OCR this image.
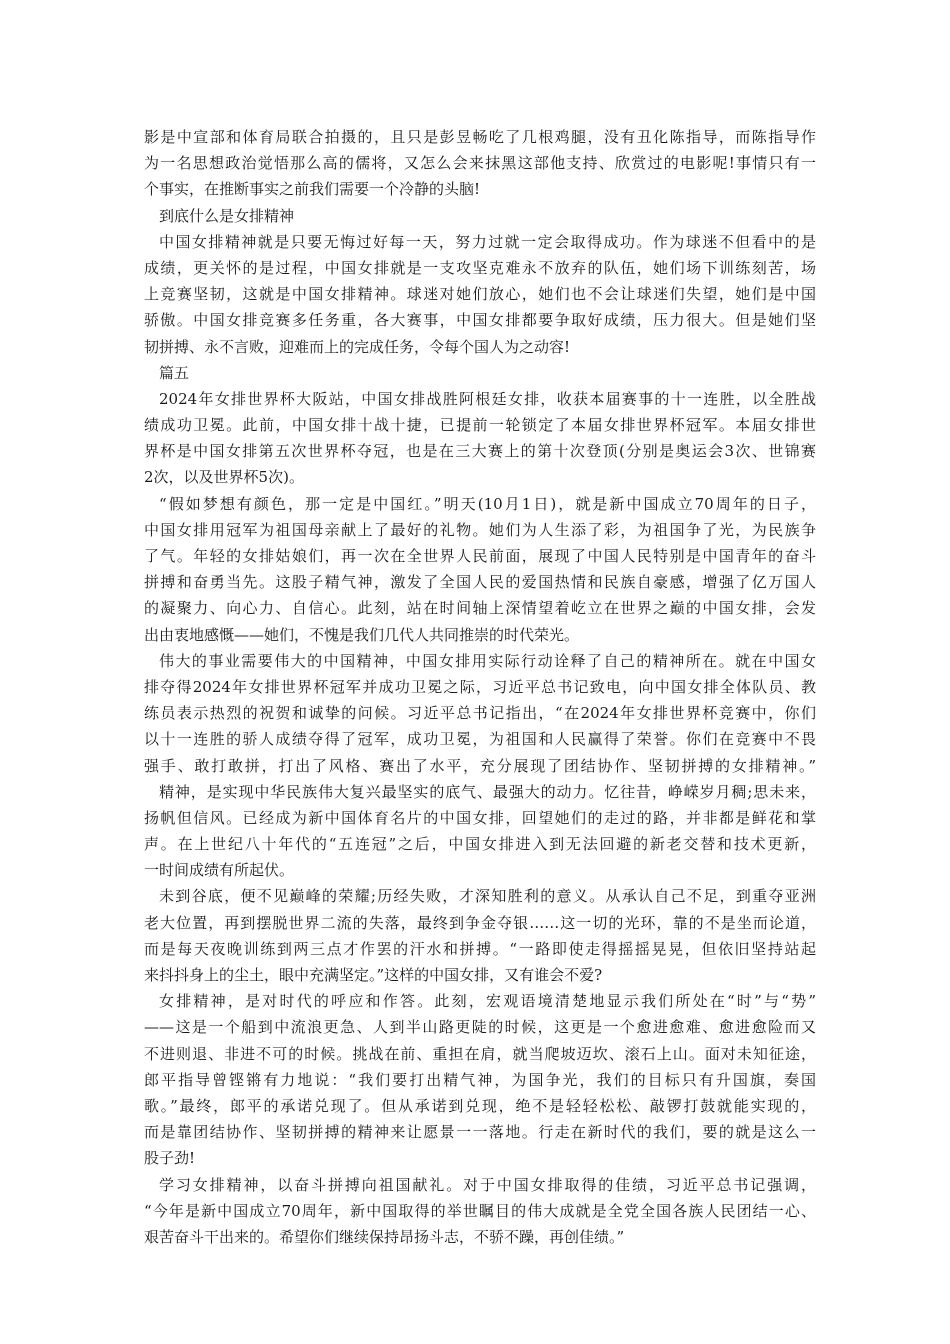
影是中宣部和体育局联合拍摄的，且只是彭昱畅吃了几根鸡腿，没有丑化陈指导，而陈指导作
为一名思想政治觉悟那么高的儒将，又怎么会来抹黑这部他支持、欣赏过的电影呢!事情只有一
个事实，在推断事实之前我们需要一个冷静的头脑!
到底什么是女排精神
中国女排精神就是只要无悔过好每一天，努力过就一定会取得成功。作为球迷不但看中的是
成绩，更关怀的是过程，中国女排就是一支攻坚克难永不放弃的队伍，她们场下训练刻苦，场
上竞赛坚韧，这就是中国女排精神。球迷对她们放心，她们也不会让球迷们失望，她们是中国
骄傲。中国女排竞赛多任务重，各大赛事，中国女排都要争取好成绩，压力很大。但是她们坚
韧拼搏、永不言败，迎难而上的完成任务，令每个国人为之动容!
篇五
2024年女排世界杯大阪站，中国女排战胜阿根廷女排，收获本届赛事的十一连胜，以全胜战
绩成功卫冕。此前，中国女排十战十捷，已提前一轮锁定了本届女排世界杯冠军。本届女排世
界杯是中国女排第五次世界杯夺冠，也是在三大赛上的第十次登顶(分别是奥运会3次、世锦赛
2次，以及世界杯5次)。
“假如梦想有颜色，那一定是中国红。”明天(10月1日)，就是新中国成立70周年的日子，
中国女排用冠军为祖国母亲献上了最好的礼物。她们为人生添了彩，为祖国争了光，为民族争
了气。年轻的女排姑娘们，再一次在全世界人民前面，展现了中国人民特别是中国青年的奋斗
拼搏和奋勇当先。这股子精气神，激发了全国人民的爱国热情和民族自豪感，增强了亿万国人
的凝聚力、向心力、自信心。此刻，站在时间轴上深情望着屹立在世界之巅的中国女排，会发
出由衷地感慨——她们，不愧是我们几代人共同推崇的时代荣光。
伟大的事业需要伟大的中国精神，中国女排用实际行动诠释了自己的精神所在。就在中国女
排夺得2024年女排世界杯冠军并成功卫冕之际，习近平总书记致电，向中国女排全体队员、教
练员表示热烈的祝贺和诚挚的问候。习近平总书记指出，“在2024年女排世界杯竞赛中，你们
以十一连胜的骄人成绩夺得了冠军，成功卫冕，为祖国和人民赢得了荣誉。你们在竞赛中不畏
强手、敢打敢拼，打出了风格、赛出了水平，充分展现了团结协作、坚韧拼搏的女排精神。”
精神，是实现中华民族伟大复兴最坚实的底气、最强大的动力。忆往昔，峥嵘岁月稠;思未来，
扬帆但信风。已经成为新中国体育名片的中国女排，回望她们的走过的路，并非都是鲜花和掌
声。在上世纪八十年代的“五连冠”之后，中国女排进入到无法回避的新老交替和技术更新，
一时间成绩有所起伏。
未到谷底，便不见巅峰的荣耀;历经失败，才深知胜利的意义。从承认自己不足，到重夺亚洲
老大位置，再到摆脱世界二流的失落，最终到争金夺银……这一切的光环，靠的不是坐而论道，
而是每天夜晚训练到两三点才作罢的汗水和拼搏。“一路即使走得摇摇晃晃，但依旧坚持站起
来抖抖身上的尘土，眼中充满坚定。”这样的中国女排，又有谁会不爱?
女排精神，是对时代的呼应和作答。此刻，宏观语境清楚地显示我们所处在“时”与“势”
——这是一个船到中流浪更急、人到半山路更陡的时候，这更是一个愈进愈难、愈进愈险而又
不进则退、非进不可的时候。挑战在前、重担在肩，就当爬坡迈坎、滚石上山。面对未知征途，
郎平指导曾铿锵有力地说：“我们要打出精气神，为国争光，我们的目标只有升国旗，奏国
歌。”最终，郎平的承诺兑现了。但从承诺到兑现，绝不是轻轻松松、敲锣打鼓就能实现的，
而是靠团结协作、坚韧拼搏的精神来让愿景一一落地。行走在新时代的我们，要的就是这么一
股子劲!
学习女排精神，以奋斗拼搏向祖国献礼。对于中国女排取得的佳绩，习近平总书记强调，
“今年是新中国成立70周年，新中国取得的举世瞩目的伟大成就是全党全国各族人民团结一心、
艰苦奋斗干出来的。希望你们继续保持昂扬斗志，不骄不躁，再创佳绩。”
